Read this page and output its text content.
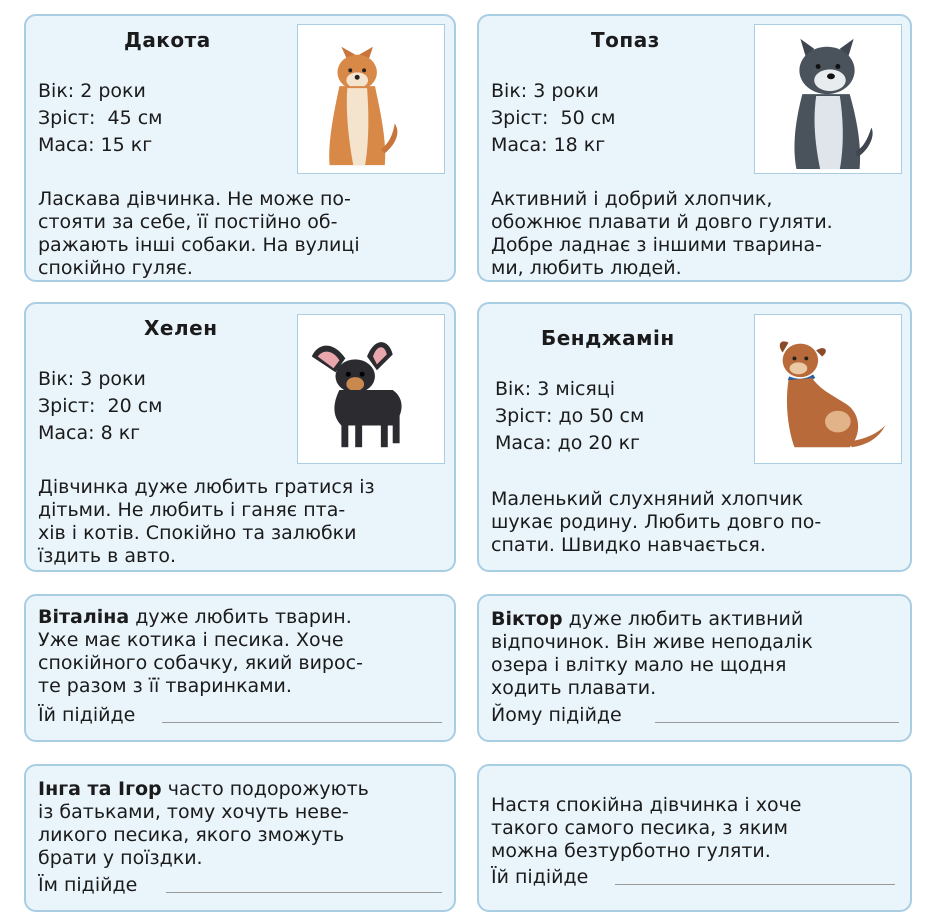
Дакота
Вік: 2 роки
Зріст:  45 см
Маса: 15 кг
Ласкава дівчинка. Не може по-
стояти за себе, її постійно об-
ражають інші собаки. На вулиці
спокійно гуляє.
Топаз
Вік: 3 роки
Зріст:  50 см
Маса: 18 кг
Активний і добрий хлопчик,
обожнює плавати й довго гуляти.
Добре ладнає з іншими тварина-
ми, любить людей.
Хелен
Вік: 3 роки
Зріст:  20 см
Маса: 8 кг
Дівчинка дуже любить гратися із
дітьми. Не любить і ганяє пта-
хів і котів. Спокійно та залюбки
їздить в авто.
Бенджамін
Вік: 3 місяці
Зріст: до 50 см
Маса: до 20 кг
Маленький слухняний хлопчик
шукає родину. Любить довго по-
спати. Швидко навчається.
Віталіна дуже любить тварин.
Уже має котика і песика. Хоче
спокійного собачку, який вирос-
те разом з її тваринками.
Їй підійде
Віктор дуже любить активний
відпочинок. Він живе неподалік
озера і влітку мало не щодня
ходить плавати.
Йому підійде
Інга та Ігор часто подорожують
із батьками, тому хочуть неве-
ликого песика, якого зможуть
брати у поїздки.
Їм підійде
Настя спокійна дівчинка і хоче
такого самого песика, з яким
можна безтурботно гуляти.
Їй підійде
